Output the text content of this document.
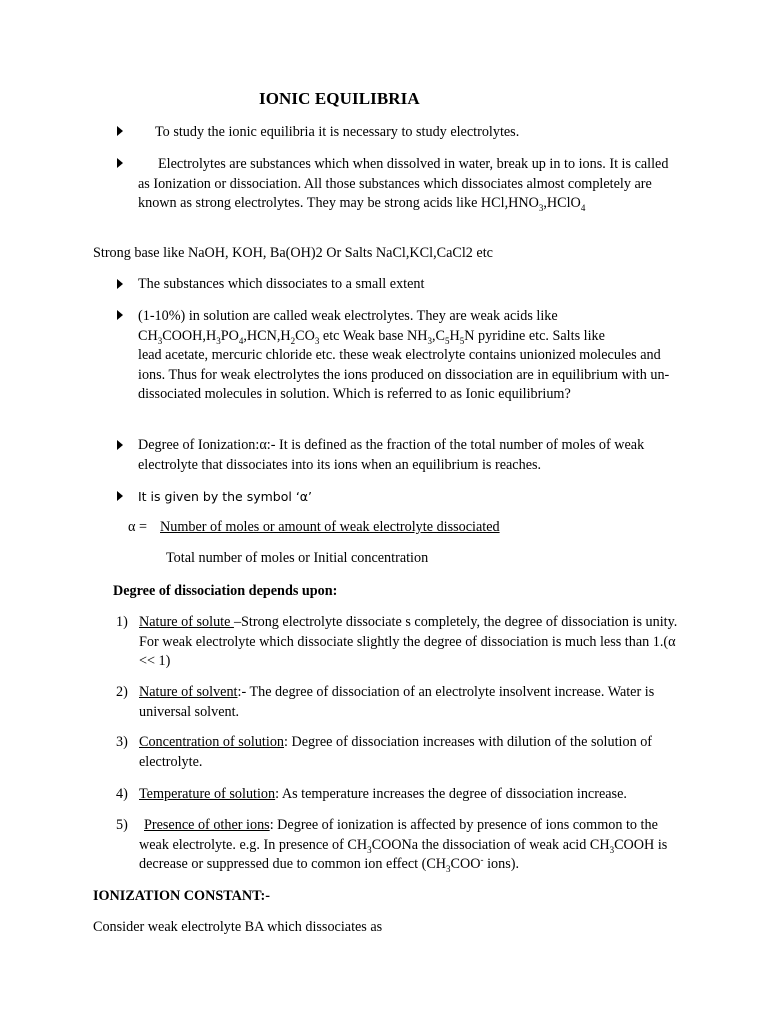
IONIC EQUILIBRIA
To study the ionic equilibria it is necessary to study electrolytes.
Electrolytes are substances which when dissolved in water, break up in to ions. It is called as Ionization or dissociation. All those substances which dissociates almost completely are known as strong electrolytes. They may be strong acids like $HCl,HNO_3,HClO_4$
Strong base like NaOH, KOH, Ba(OH)2 Or Salts NaCl,KCl,CaCl2 etc
The substances which dissociates to a small extent
(1-10%) in solution are called weak electrolytes. They are weak acids like
$CH_3COOH,H_3PO_4,HCN,H_2CO_3$ etc Weak base $NH_3,C_5H_5N$ pyridine etc. Salts like
lead acetate, mercuric chloride etc. these weak electrolyte contains unionized molecules and ions. Thus for weak electrolytes the ions produced on dissociation are in equilibrium with un-dissociated molecules in solution. Which is referred to as Ionic equilibrium?
Degree of Ionization:α:- It is defined as the fraction of the total number of moles of weak electrolyte that dissociates into its ions when an equilibrium is reaches.
It is given by the symbol ‘α’
α = Number of moles or amount of weak electrolyte dissociated
Total number of moles or Initial concentration
Degree of dissociation depends upon:
1) Nature of solute –Strong electrolyte dissociate s completely, the degree of dissociation is unity. For weak electrolyte which dissociate slightly the degree of dissociation is much less than 1.(α << 1)
2) Nature of solvent:- The degree of dissociation of an electrolyte insolvent increase. Water is universal solvent.
3) Concentration of solution: Degree of dissociation increases with dilution of the solution of electrolyte.
4) Temperature of solution: As temperature increases the degree of dissociation increase.
5)	Presence of other ions: Degree of ionization is affected by presence of ions common to the weak electrolyte. e.g. In presence of $CH_3COONa$ the dissociation of weak acid $CH_3COOH$ is decrease or suppressed due to common ion effect ($CH_3COO^-$ ions).
IONIZATION CONSTANT:-
Consider weak electrolyte BA which dissociates as
